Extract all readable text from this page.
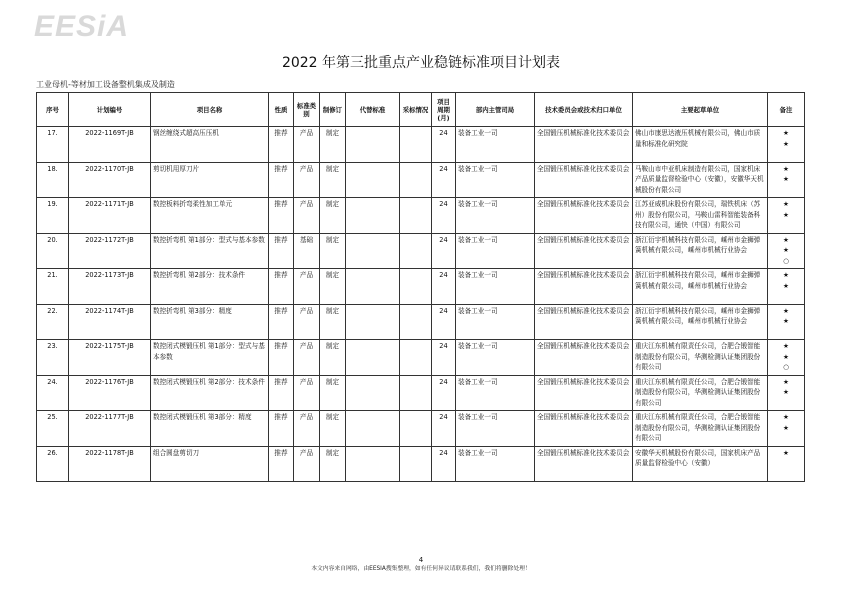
EESiA
2022 年第三批重点产业稳链标准项目计划表
工业母机-等材加工设备整机集成及制造
序号	计划编号	项目名称	性质	标准类别	制修订	代替标准	采标情况	项目周期(月)	部内主管司局	技术委员会或技术归口单位	主要起草单位	备注
17.	2022-1169T-JB	钢丝缠绕式超高压压机	推荐	产品	制定			24	装备工业一司	全国锻压机械标准化技术委员会	佛山市康思达液压机械有限公司，佛山市质量和标准化研究院	★
★

18.	2022-1170T-JB	剪切机用厚刀片	推荐	产品	制定			24	装备工业一司	全国锻压机械标准化技术委员会	马鞍山市中亚机床制造有限公司，国家机床产品质量监督检验中心（安徽），安徽华天机械股份有限公司	★
★

19.	2022-1171T-JB	数控板料折弯柔性加工单元	推荐	产品	制定			24	装备工业一司	全国锻压机械标准化技术委员会	江苏亚威机床股份有限公司，瑞铁机床（苏州）股份有限公司，马鞍山雷科智能装备科技有限公司，通快（中国）有限公司	★
★

20.	2022-1172T-JB	数控折弯机 第1部分：型式与基本参数	推荐	基础	制定			24	装备工业一司	全国锻压机械标准化技术委员会	浙江衍宇机械科技有限公司，嵊州市金狮弹簧机械有限公司，嵊州市机械行业协会	★
★
○

21.	2022-1173T-JB	数控折弯机 第2部分：技术条件	推荐	产品	制定			24	装备工业一司	全国锻压机械标准化技术委员会	浙江衍宇机械科技有限公司，嵊州市金狮弹簧机械有限公司，嵊州市机械行业协会	★
★

22.	2022-1174T-JB	数控折弯机 第3部分：精度	推荐	产品	制定			24	装备工业一司	全国锻压机械标准化技术委员会	浙江衍宇机械科技有限公司，嵊州市金狮弹簧机械有限公司，嵊州市机械行业协会	★
★

23.	2022-1175T-JB	数控闭式模锻压机 第1部分：型式与基本参数	推荐	产品	制定			24	装备工业一司	全国锻压机械标准化技术委员会	重庆江东机械有限责任公司，合肥合锻智能制造股份有限公司，华测检测认证集团股份有限公司	★
★
○

24.	2022-1176T-JB	数控闭式模锻压机 第2部分：技术条件	推荐	产品	制定			24	装备工业一司	全国锻压机械标准化技术委员会	重庆江东机械有限责任公司，合肥合锻智能制造股份有限公司，华测检测认证集团股份有限公司	★
★

25.	2022-1177T-JB	数控闭式模锻压机 第3部分：精度	推荐	产品	制定			24	装备工业一司	全国锻压机械标准化技术委员会	重庆江东机械有限责任公司，合肥合锻智能制造股份有限公司，华测检测认证集团股份有限公司	★
★

26.	2022-1178T-JB	组合圆盘剪切刀	推荐	产品	制定			24	装备工业一司	全国锻压机械标准化技术委员会	安徽华天机械股份有限公司，国家机床产品质量监督检验中心（安徽）	★
4
本文内容来自网络，由EESIA搜集整理，如有任何异议请联系我们，我们将删除处理！
